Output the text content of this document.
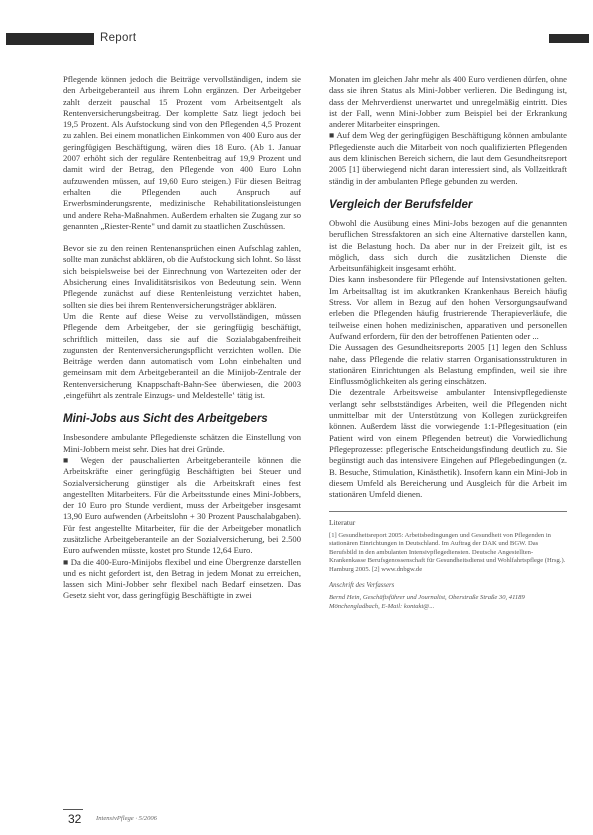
Report

Pflegende können jedoch die Beiträge vervollständigen, indem sie den Arbeitgeberanteil aus ihrem Lohn ergänzen. Der Arbeitgeber zahlt derzeit pauschal 15 Prozent vom Arbeitsentgelt als Rentenversicherungsbeitrag. Der komplette Satz liegt jedoch bei 19,5 Prozent. Als Aufstockung sind von den Pflegenden 4,5 Prozent zu zahlen. Bei einem monatlichen Einkommen von 400 Euro aus der geringfügigen Beschäftigung, wären dies 18 Euro. (Ab 1. Januar 2007 erhöht sich der reguläre Rentenbeitrag auf 19,9 Prozent und damit wird der Betrag, den Pflegende von 400 Euro Lohn aufzuwenden müssen, auf 19,60 Euro steigen.) Für diesen Beitrag erhalten die Pflegenden auch Anspruch auf Erwerbsminderungsrente, medizinische Rehabilitationsleistungen und andere Reha-Maßnahmen. Außerdem erhalten sie Zugang zur so genannten „Riester-Rente" und damit zu staatlichen Zuschüssen.

Bevor sie zu den reinen Rentenansprüchen einen Aufschlag zahlen, sollte man zunächst abklären, ob die Aufstockung sich lohnt. So lässt sich beispielsweise bei der Einrechnung von Wartezeiten oder der Absicherung eines Invaliditätsrisikos von Bedeutung sein. Wenn Pflegende zunächst auf diese Rentenleistung verzichtet haben, sollten sie dies bei ihrem Rentenversicherungsträger abklären.

Um die Rente auf diese Weise zu vervollständigen, müssen Pflegende dem Arbeitgeber, der sie geringfügig beschäftigt, schriftlich mitteilen, dass sie auf die Sozialabgabenfreiheit zugunsten der Rentenversicherungspflicht verzichten wollen. Die Beiträge werden dann automatisch vom Lohn einbehalten und gemeinsam mit dem Arbeitgeberanteil an die Minijob-Zentrale der Rentenversicherung Knappschaft-Bahn-See überwiesen, die 2003 ‚eingeführt als zentrale Einzugs- und Meldestelle‛ tätig ist.

Mini-Jobs aus Sicht des Arbeitgebers

Insbesondere ambulante Pflegedienste schätzen die Einstellung von Mini-Jobbern meist sehr. Dies hat drei Gründe.

■ Wegen der pauschalierten Arbeitgeberanteile können die Arbeitskräfte einer geringfügig Beschäftigten bei Steuer und Sozialversicherung günstiger als die Arbeitskraft eines fest angestellten Mitarbeiters. Für die Arbeitsstunde eines Mini-Jobbers, der 10 Euro pro Stunde verdient, muss der Arbeitgeber insgesamt 13,90 Euro aufwenden (Arbeitslohn + 30 Prozent Pauschalabgaben). Für fest angestellte Mitarbeiter, für die der Arbeitgeber monatlich zusätzliche Arbeitgeberanteile an der Sozialversicherung, bei 2.500 Euro aufwenden müsste, kostet pro Stunde 12,64 Euro.

■ Da die 400-Euro-Minijobs flexibel und eine Übergrenze darstellen und es nicht gefordert ist, den Betrag in jedem Monat zu erreichen, lassen sich Mini-Jobber sehr flexibel nach Bedarf einsetzen. Das Gesetz sieht vor, dass geringfügig Beschäftigte in zwei

Monaten im gleichen Jahr mehr als 400 Euro verdienen dürfen, ohne dass sie ihren Status als Mini-Jobber verlieren. Die Bedingung ist, dass der Mehrverdienst unerwartet und unregelmäßig eintritt. Dies ist der Fall, wenn Mini-Jobber zum Beispiel bei der Erkrankung anderer Mitarbeiter einspringen.

■ Auf dem Weg der geringfügigen Beschäftigung können ambulante Pflegedienste auch die Mitarbeit von noch qualifizierten Pflegenden aus dem klinischen Bereich sichern, die laut dem Gesundheitsreport 2005 [1] überwiegend nicht daran interessiert sind, als Vollzeitkraft ständig in der ambulanten Pflege gebunden zu werden.

Vergleich der Berufsfelder

Obwohl die Ausübung eines Mini-Jobs bezogen auf die genannten beruflichen Stressfaktoren an sich eine Alternative darstellen kann, ist die Belastung hoch. Da aber nur in der Freizeit gilt, ist es möglich, dass sich durch die zusätzlichen Dienste die Arbeitsunfähigkeit insgesamt erhöht.

Dies kann insbesondere für Pflegende auf Intensivstationen gelten. Im Arbeitsalltag ist im akutkranken Krankenhaus Bereich häufig Stress. Vor allem in Bezug auf den hohen Versorgungsaufwand erleben die Pflegenden häufig frustrierende Therapieverläufe, die teilweise einen hohen medizinischen, apparativen und personellen Aufwand erfordern, für den der betroffenen Patienten oder ...

Die Aussagen des Gesundheitsreports 2005 [1] legen den Schluss nahe, dass Pflegende die relativ starren Organisationsstrukturen in stationären Einrichtungen als Belastung empfinden, weil sie ihre Einflussmöglichkeiten als gering einschätzen.

Die dezentrale Arbeitsweise ambulanter Intensivpflegedienste verlangt sehr selbstständiges Arbeiten, weil die Pflegenden nicht unmittelbar mit der Unterstützung von Kollegen zurückgreifen können. Außerdem lässt die vorwiegende 1:1-Pflegesituation (ein Patient wird von einem Pflegenden betreut) die Vorwiedlichung Pflegeprozesse: pflegerische Entscheidungsfindung deutlich zu. Sie begünstigt auch das intensivere Eingehen auf Pflegebedingungen (z. B. Besuche, Stimulation, Kinästhetik). Insofern kann ein Mini-Job in diesem Umfeld als Bereicherung und Ausgleich für die Arbeit im stationären Umfeld dienen.

Literatur
[1] Gesundheitsreport 2005: Arbeitsbedingungen und Gesundheit von Pflegenden in stationären Einrichtungen in Deutschland. Im Auftrag der DAK und BGW. Das Berufsbild in den ambulanten Intensivpflegediensten. Deutsche Angestellten-Krankenkasse Berufsgenossenschaft für Gesundheitsdienst und Wohlfahrtspflege (Hrsg.). Hamburg 2005. [2] www.dnbgw.de
Anschrift des Verfassers
Bernd Hein, Geschäftsführer und Journalist, Oberstraße Straße 30, 41189 Mönchengladbach, E-Mail: kontakt@...
32 IntensivPflege · 5/2006
